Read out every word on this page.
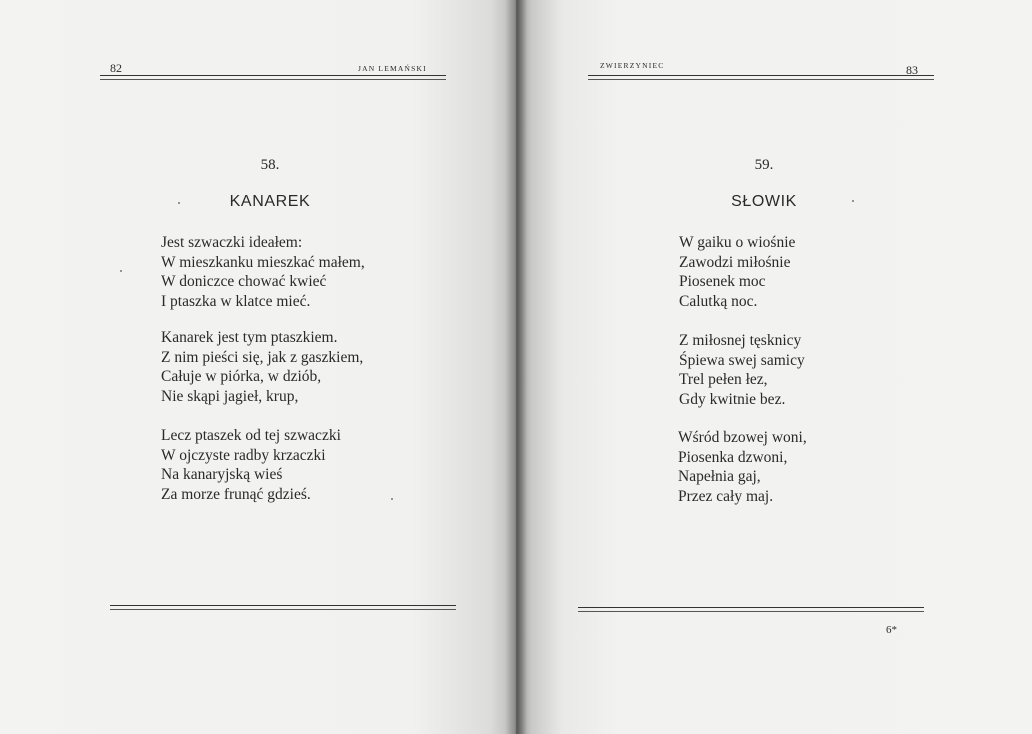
82	JAN LEMAŃSKI
58.
KANAREK
Jest szwaczki ideałem:
W mieszkanku mieszkać małem,
W doniczce chować kwieć
I ptaszka w klatce mieć.
Kanarek jest tym ptaszkiem.
Z nim pieści się, jak z gaszkiem,
Całuje w piórka, w dziób,
Nie skąpi jagieł, krup,
Lecz ptaszek od tej szwaczki
W ojczyste radby krzaczki
Na kanaryjską wieś
Za morze frunąć gdzieś.
ZWIERZYNIEC	83
59.
SŁOWIK
W gaiku o wiośnie
Zawodzi miłośnie
Piosenek moc
Calutką noc.
Z miłosnej tęsknicy
Śpiewa swej samicy
Trel pełen łez,
Gdy kwitnie bez.
Wśród bzowej woni,
Piosenka dzwoni,
Napełnia gaj,
Przez cały maj.
6*
